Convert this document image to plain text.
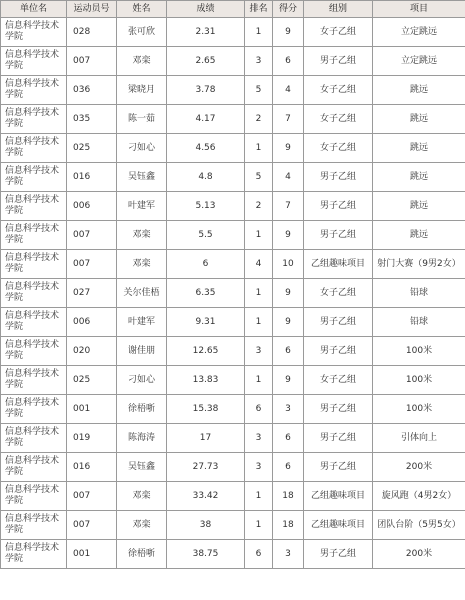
单位名	运动员号	姓名	成绩	排名	得分	组别	项目
信息科学技术学院	028	张可欣	2.31	1	9	女子乙组	立定跳远
信息科学技术学院	007	邓栾	2.65	3	6	男子乙组	立定跳远
信息科学技术学院	036	梁晓月	3.78	5	4	女子乙组	跳远
信息科学技术学院	035	陈一茹	4.17	2	7	女子乙组	跳远
信息科学技术学院	025	刁如心	4.56	1	9	女子乙组	跳远
信息科学技术学院	016	吴钰鑫	4.8	5	4	男子乙组	跳远
信息科学技术学院	006	叶建军	5.13	2	7	男子乙组	跳远
信息科学技术学院	007	邓栾	5.5	1	9	男子乙组	跳远
信息科学技术学院	007	邓栾	6	4	10	乙组趣味项目	射门大赛（9男2女）
信息科学技术学院	027	关尔佳梧	6.35	1	9	女子乙组	铅球
信息科学技术学院	006	叶建军	9.31	1	9	男子乙组	铅球
信息科学技术学院	020	谢佳朋	12.65	3	6	男子乙组	100米
信息科学技术学院	025	刁如心	13.83	1	9	女子乙组	100米
信息科学技术学院	001	徐梧哳	15.38	6	3	男子乙组	100米
信息科学技术学院	019	陈海涛	17	3	6	男子乙组	引体向上
信息科学技术学院	016	吴钰鑫	27.73	3	6	男子乙组	200米
信息科学技术学院	007	邓栾	33.42	1	18	乙组趣味项目	旋风跑（4男2女）
信息科学技术学院	007	邓栾	38	1	18	乙组趣味项目	团队台阶（5男5女）
信息科学技术学院	001	徐梧哳	38.75	6	3	男子乙组	200米
